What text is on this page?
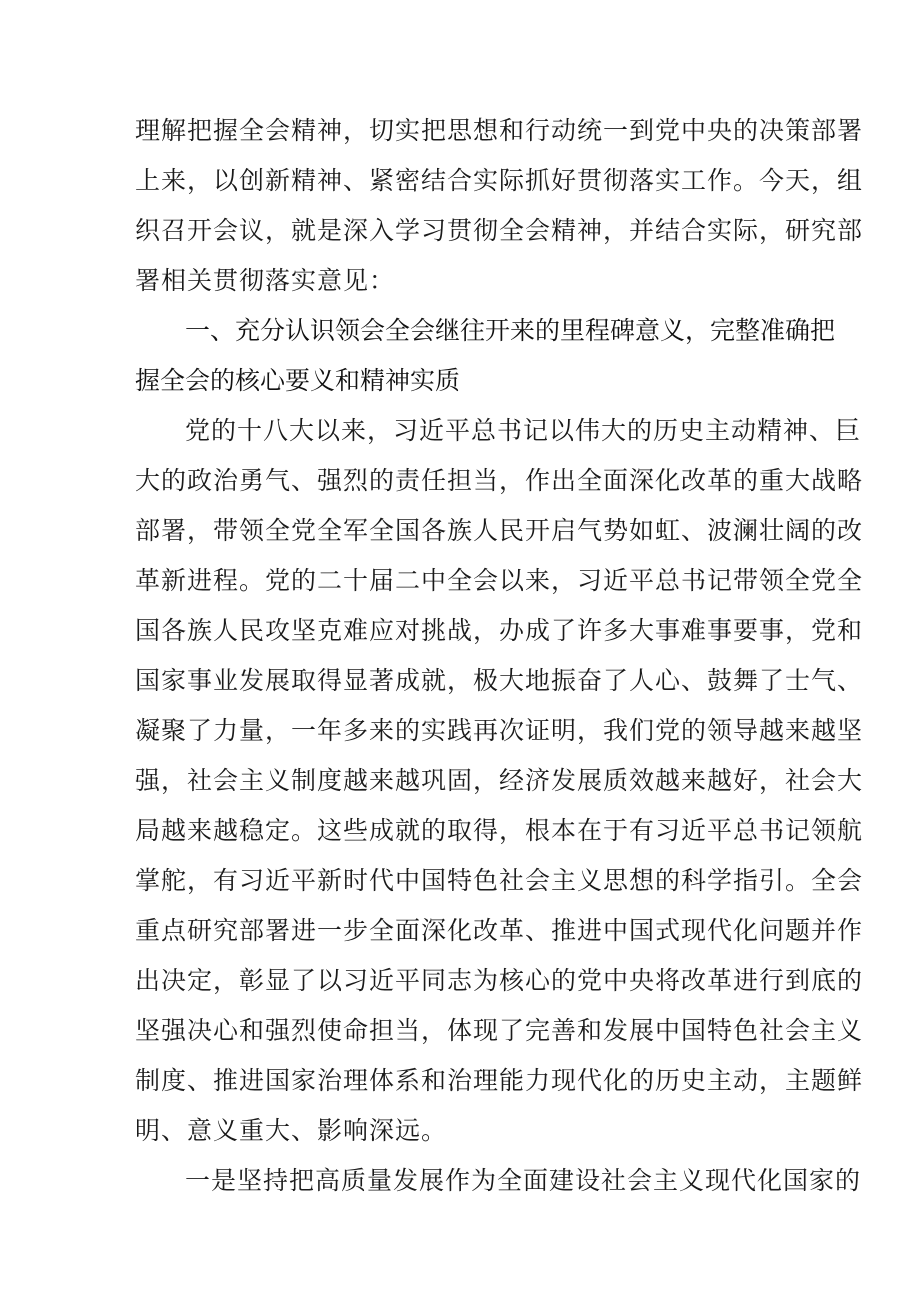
理解把握全会精神，切实把思想和行动统一到党中央的决策部署
上来，以创新精神、紧密结合实际抓好贯彻落实工作。今天，组
织召开会议，就是深入学习贯彻全会精神，并结合实际，研究部
署相关贯彻落实意见：
一、充分认识领会全会继往开来的里程碑意义，完整准确把
握全会的核心要义和精神实质
党的十八大以来，习近平总书记以伟大的历史主动精神、巨
大的政治勇气、强烈的责任担当，作出全面深化改革的重大战略
部署，带领全党全军全国各族人民开启气势如虹、波澜壮阔的改
革新进程。党的二十届二中全会以来，习近平总书记带领全党全
国各族人民攻坚克难应对挑战，办成了许多大事难事要事，党和
国家事业发展取得显著成就，极大地振奋了人心、鼓舞了士气、
凝聚了力量，一年多来的实践再次证明，我们党的领导越来越坚
强，社会主义制度越来越巩固，经济发展质效越来越好，社会大
局越来越稳定。这些成就的取得，根本在于有习近平总书记领航
掌舵，有习近平新时代中国特色社会主义思想的科学指引。全会
重点研究部署进一步全面深化改革、推进中国式现代化问题并作
出决定，彰显了以习近平同志为核心的党中央将改革进行到底的
坚强决心和强烈使命担当，体现了完善和发展中国特色社会主义
制度、推进国家治理体系和治理能力现代化的历史主动，主题鲜
明、意义重大、影响深远。
一是坚持把高质量发展作为全面建设社会主义现代化国家的
